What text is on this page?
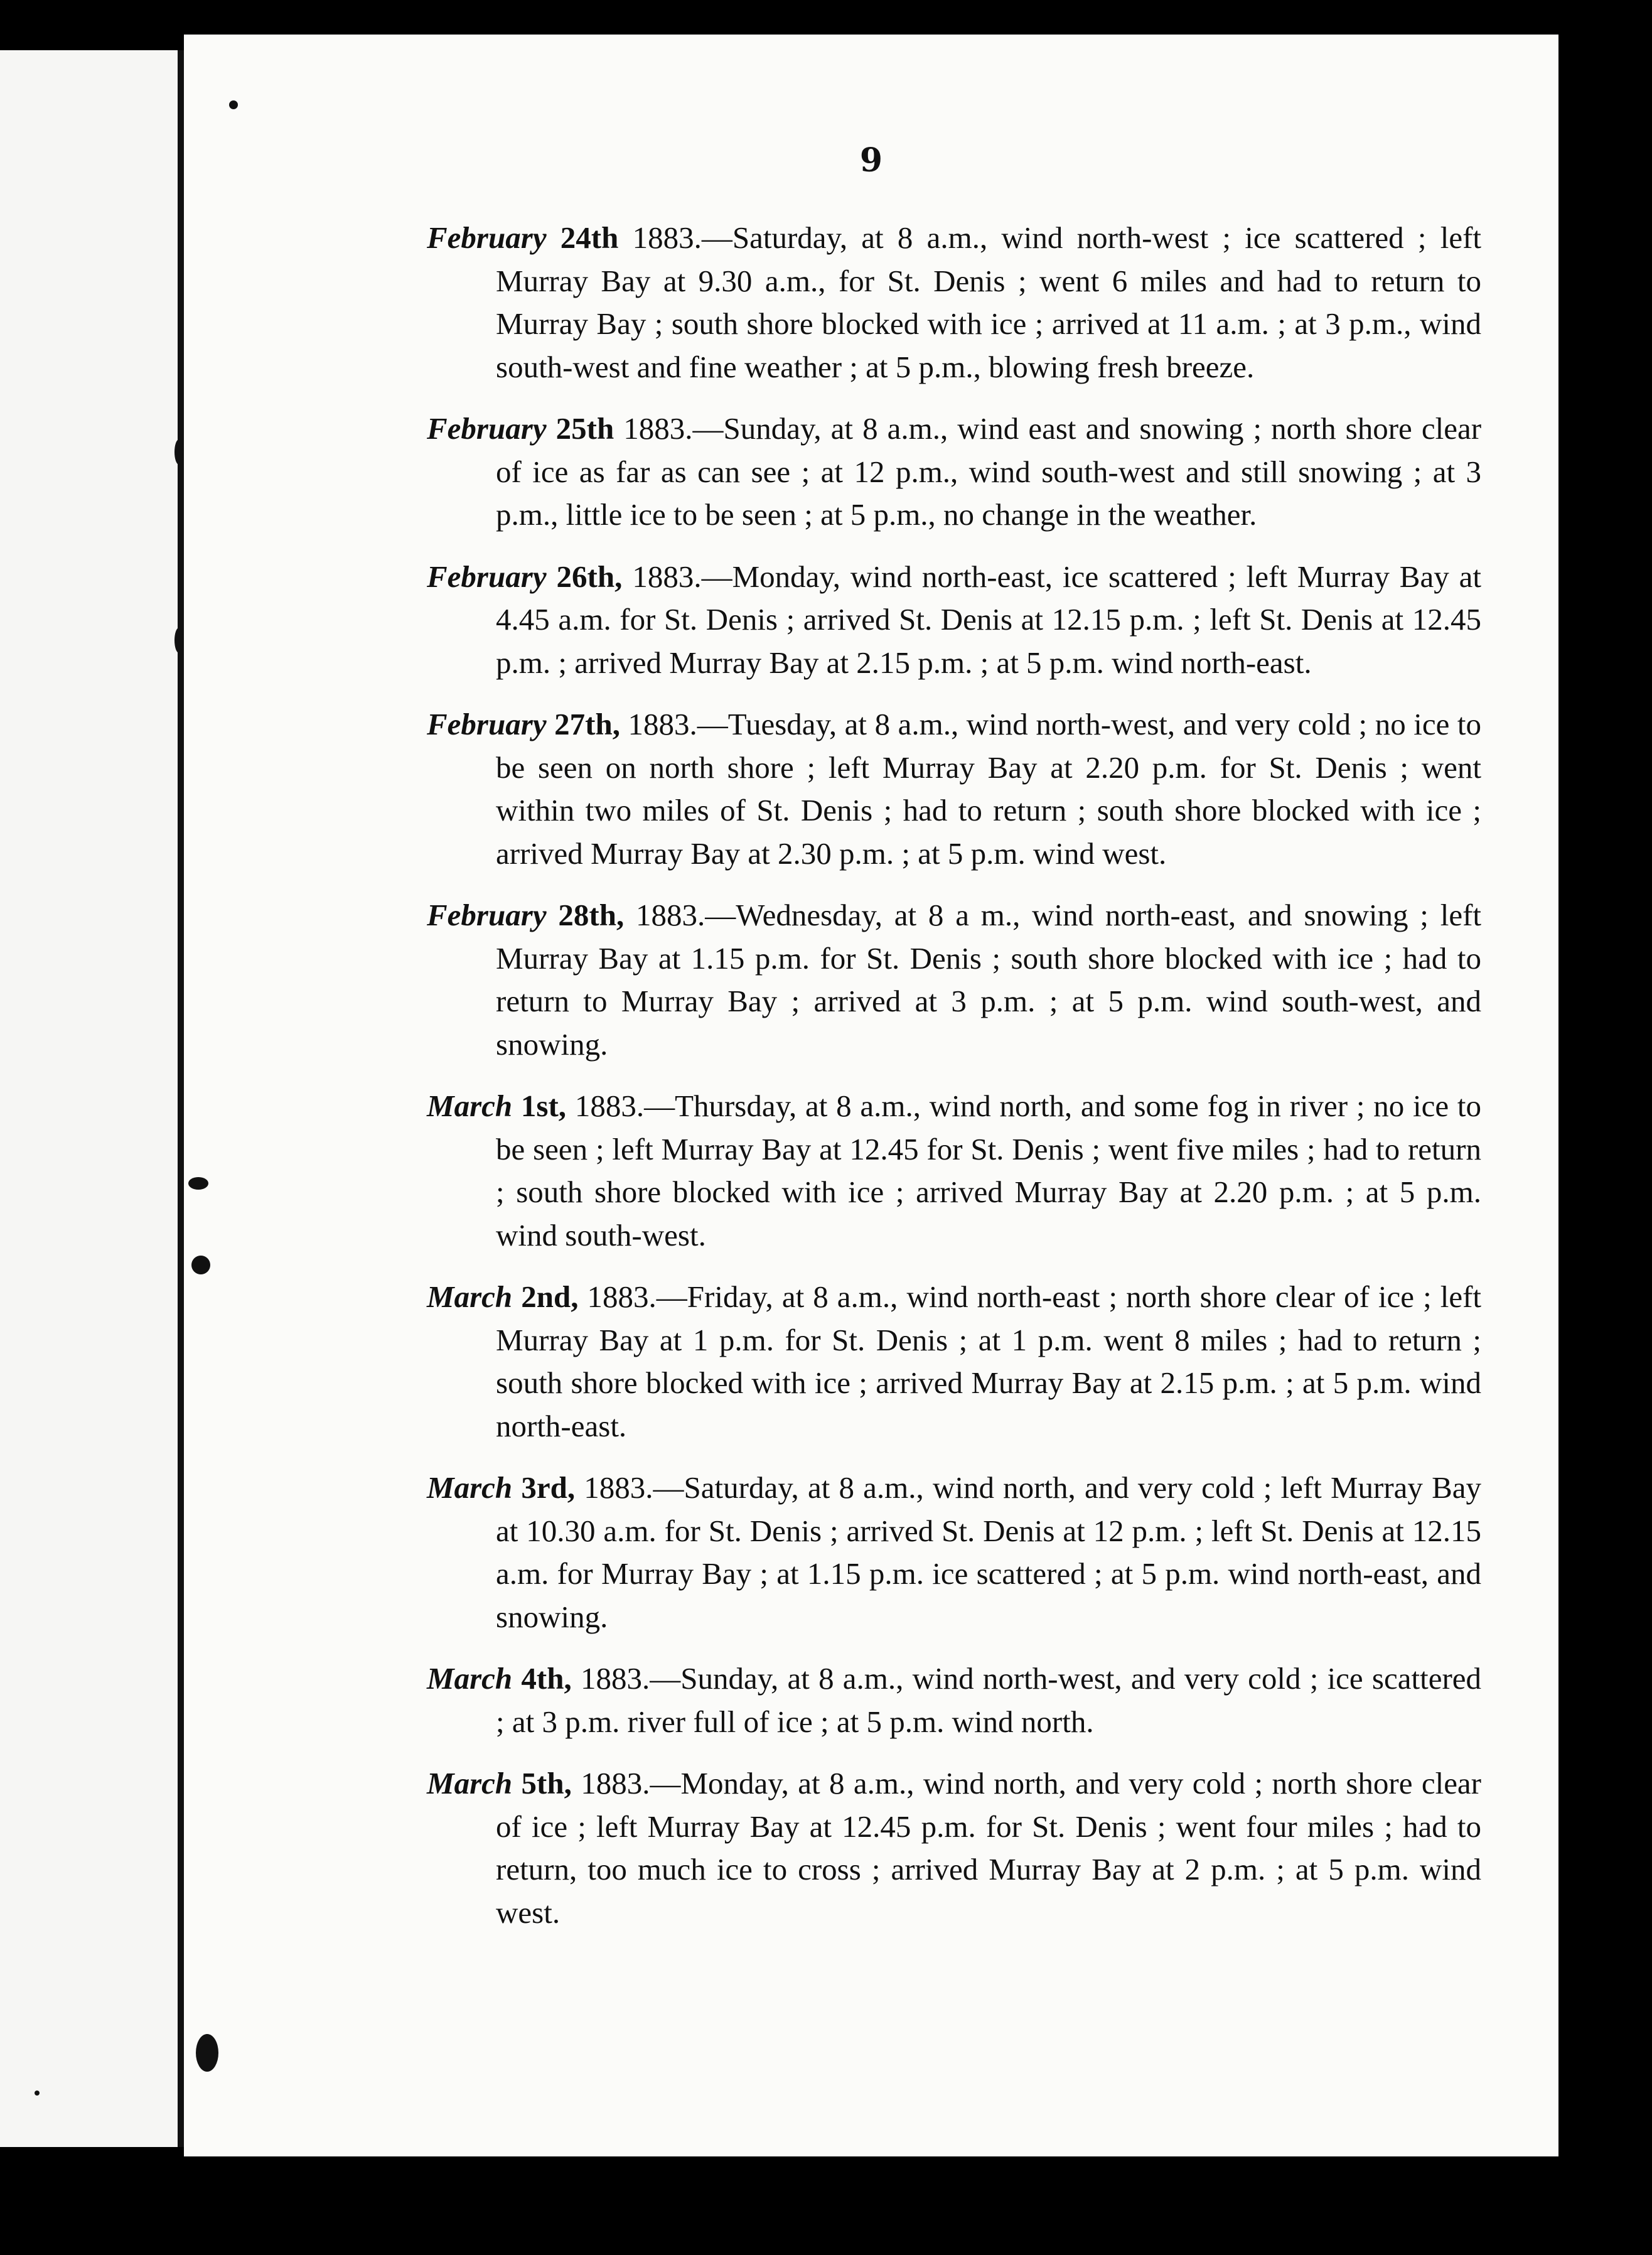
9

February 24th 1883.—Saturday, at 8 a.m., wind north-west ; ice scattered ; left Murray Bay at 9.30 a.m., for St. Denis ; went 6 miles and had to return to Murray Bay ; south shore blocked with ice ; arrived at 11 a.m. ; at 3 p.m., wind south-west and fine weather ; at 5 p.m., blowing fresh breeze.

February 25th 1883.—Sunday, at 8 a.m., wind east and snowing ; north shore clear of ice as far as can see ; at 12 p.m., wind south-west and still snowing ; at 3 p.m., little ice to be seen ; at 5 p.m., no change in the weather.

February 26th, 1883.—Monday, wind north-east, ice scattered ; left Murray Bay at 4.45 a.m. for St. Denis ; arrived St. Denis at 12.15 p.m. ; left St. Denis at 12.45 p.m. ; arrived Murray Bay at 2.15 p.m. ; at 5 p.m. wind north-east.

February 27th, 1883.—Tuesday, at 8 a.m., wind north-west, and very cold ; no ice to be seen on north shore ; left Murray Bay at 2.20 p.m. for St. Denis ; went within two miles of St. Denis ; had to return ; south shore blocked with ice ; arrived Murray Bay at 2.30 p.m. ; at 5 p.m. wind west.

February 28th, 1883.—Wednesday, at 8 a m., wind north-east, and snowing ; left Murray Bay at 1.15 p.m. for St. Denis ; south shore blocked with ice ; had to return to Murray Bay ; arrived at 3 p.m. ; at 5 p.m. wind south-west, and snowing.

March 1st, 1883.—Thursday, at 8 a.m., wind north, and some fog in river ; no ice to be seen ; left Murray Bay at 12.45 for St. Denis ; went five miles ; had to return ; south shore blocked with ice ; arrived Murray Bay at 2.20 p.m. ; at 5 p.m. wind south-west.

March 2nd, 1883.—Friday, at 8 a.m., wind north-east ; north shore clear of ice ; left Murray Bay at 1 p.m. for St. Denis ; at 1 p.m. went 8 miles ; had to return ; south shore blocked with ice ; arrived Murray Bay at 2.15 p.m. ; at 5 p.m. wind north-east.

March 3rd, 1883.—Saturday, at 8 a.m., wind north, and very cold ; left Murray Bay at 10.30 a.m. for St. Denis ; arrived St. Denis at 12 p.m. ; left St. Denis at 12.15 a.m. for Murray Bay ; at 1.15 p.m. ice scattered ; at 5 p.m. wind north-east, and snowing.

March 4th, 1883.—Sunday, at 8 a.m., wind north-west, and very cold ; ice scattered ; at 3 p.m. river full of ice ; at 5 p.m. wind north.

March 5th, 1883.—Monday, at 8 a.m., wind north, and very cold ; north shore clear of ice ; left Murray Bay at 12.45 p.m. for St. Denis ; went four miles ; had to return, too much ice to cross ; arrived Murray Bay at 2 p.m. ; at 5 p.m. wind west.
